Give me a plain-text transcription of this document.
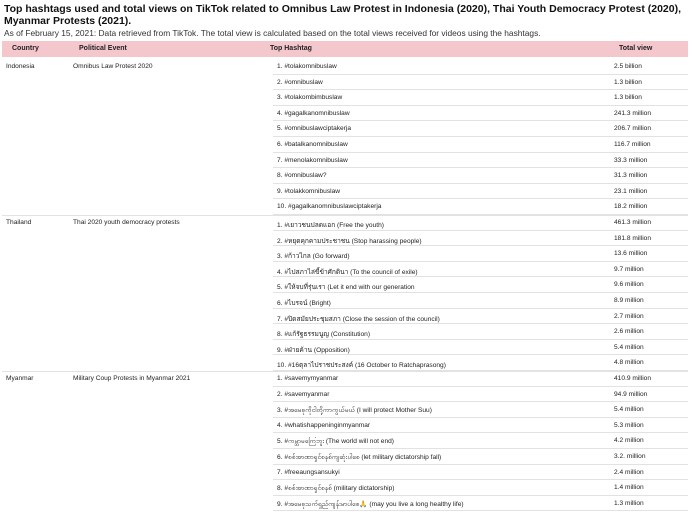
Top hashtags used and total views on TikTok related to Omnibus Law Protest in Indonesia (2020), Thai Youth Democracy Protest (2020), Myanmar Protests (2021).
As of February 15, 2021: Data retrieved from TikTok. The total view is calculated based on the total views received for videos using the hashtags.
Country	Political Event	Top Hashtag	Total view
Indonesia	Omnibus Law Protest 2020	1. #tolakomnibuslaw	2.5 billion
2. #omnibuslaw	1.3 billion
3. #tolakombimbuslaw	1.3 billion
4. #gagalkanomnibuslaw	241.3 million
5. #omnibuslawciptakerja	206.7 million
6. #batalkanomnibuslaw	116.7 million
7. #menolakomnibuslaw	33.3 million
8. #omnibuslaw?	31.3 million
9. #tolakkomnibuslaw	23.1 million
10. #gagalkanomnibuslawciptakerja	18.2 million
Thailand	Thai 2020 youth democracy protests	1. #เยาวชนปลดแอก (Free the youth)	461.3 million
2. #หยุดคุกคามประชาชน (Stop harassing people)	181.8 million
3. #ก้าวไกล (Go forward)	13.6 million
4. #ไปสภาไล่ขี้ข้าศักดินา (To the council of exile)	9.7 million
5. #ให้จบที่รุ่นเรา (Let it end with our generation	9.6 million
6. #ไบรจน์ (Bright)	8.9 million
7. #ปิดสมัยประชุมสภา (Close the session of the council)	2.7 million
8. #แก้รัฐธรรมนูญ (Constitution)	2.6 million
9. #ฝ่ายค้าน (Opposition)	5.4 million
10. #16ตุลาไปราชประสงค์ (16 October to Ratchaprasong)	4.8 million
Myanmar	Military Coup Protests in Myanmar 2021	1. #savemymyanmar	410.9 million
2. #savemyanmar	94.9 million
3. #အမေစုကိုငါတို့ကာကွယ်မယ် (I will protect Mother Suu)	5.4 million
4. #whatishappeninginmyanmar	5.3 million
5. #ကမ္ဘာမကြေဘူး (The world will not end)	4.2 million
6. #စစ်အာဏာရှင်စနစ်ကျဆုံးပါစေ (let military dictatorship fall)	3.2. million
7. #freeaungsansukyi	2.4 million
8. #စစ်အာဏာရှင်စနစ် (military dictatorship)	1.4 million
9. #အမေစုသက်ရှည်ကျန်းမာပါစေ🙏 (may you live a long healthy life)	1.3 million
